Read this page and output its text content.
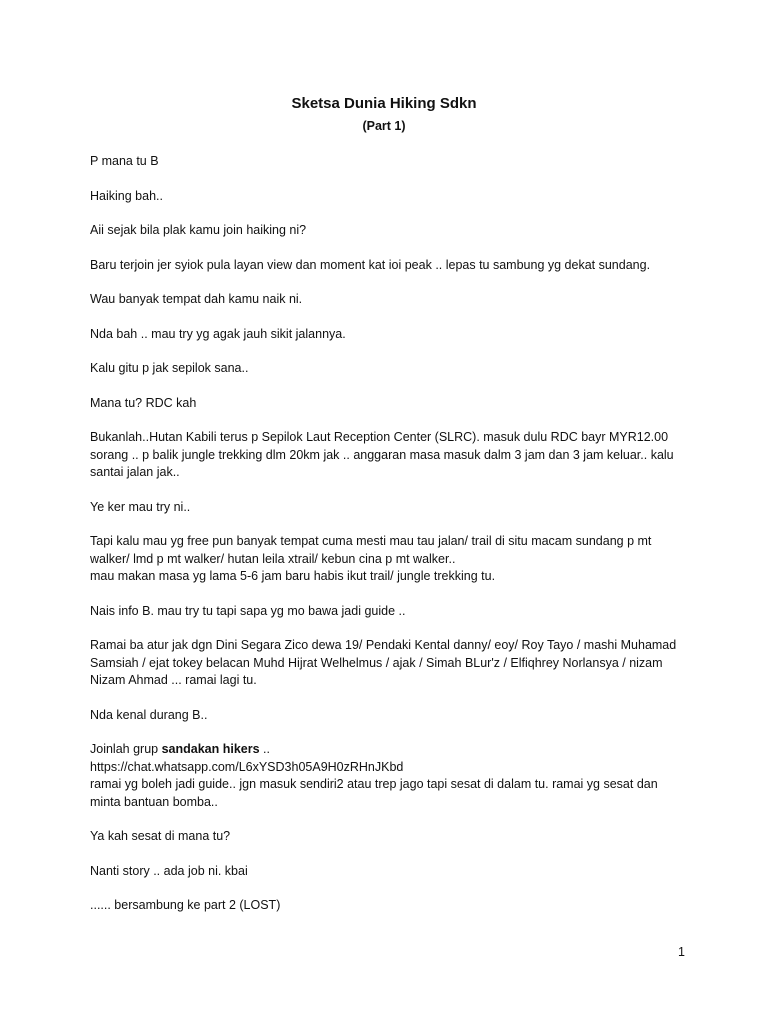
Sketsa Dunia Hiking Sdkn
(Part 1)

P mana tu B

Haiking bah..

Aii sejak bila plak kamu join haiking ni?

Baru terjoin jer syiok pula layan view dan moment kat ioi peak .. lepas tu sambung yg dekat sundang.

Wau banyak tempat dah kamu naik ni.

Nda bah .. mau try yg agak jauh sikit jalannya.

Kalu gitu p jak sepilok sana..

Mana tu? RDC kah

Bukanlah..Hutan Kabili terus p Sepilok Laut Reception Center (SLRC). masuk dulu RDC bayr MYR12.00 sorang .. p balik jungle trekking dlm 20km jak .. anggaran masa masuk dalm 3 jam dan 3 jam keluar.. kalu santai jalan jak..

Ye ker mau try ni..

Tapi kalu mau yg free pun banyak tempat cuma mesti mau tau jalan/ trail di situ macam sundang p mt walker/ lmd p mt walker/ hutan leila xtrail/ kebun cina p mt walker..
mau makan masa yg lama 5-6 jam baru habis ikut trail/ jungle trekking tu.

Nais info B. mau try tu tapi sapa yg mo bawa jadi guide ..

Ramai ba atur jak dgn Dini Segara Zico dewa 19/ Pendaki Kental danny/ eoy/ Roy Tayo / mashi Muhamad Samsiah / ejat tokey belacan Muhd Hijrat Welhelmus / ajak / Simah BLur'z / Elfiqhrey Norlansya / nizam Nizam Ahmad ... ramai lagi tu.

Nda kenal durang B..

Joinlah grup sandakan hikers ..
https://chat.whatsapp.com/L6xYSD3h05A9H0zRHnJKbd
ramai yg boleh jadi guide.. jgn masuk sendiri2 atau trep jago tapi sesat di dalam tu. ramai yg sesat dan minta bantuan bomba..

Ya kah sesat di mana tu?

Nanti story .. ada job ni. kbai

...... bersambung ke part 2 (LOST)

1
